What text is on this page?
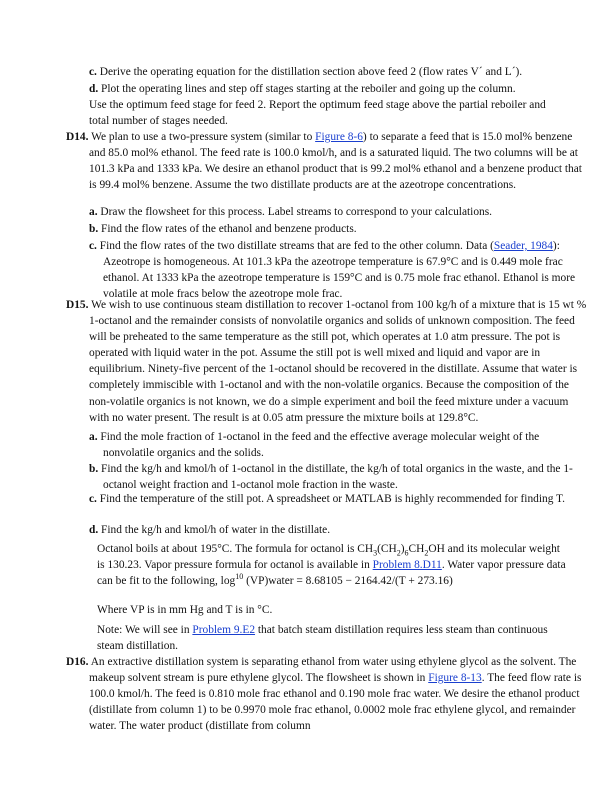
c. Derive the operating equation for the distillation section above feed 2 (flow rates V´ and L´).
d. Plot the operating lines and step off stages starting at the reboiler and going up the column.
Use the optimum feed stage for feed 2. Report the optimum feed stage above the partial reboiler and total number of stages needed.
D14. We plan to use a two-pressure system (similar to Figure 8-6) to separate a feed that is 15.0 mol% benzene and 85.0 mol% ethanol. The feed rate is 100.0 kmol/h, and is a saturated liquid. The two columns will be at 101.3 kPa and 1333 kPa. We desire an ethanol product that is 99.2 mol% ethanol and a benzene product that is 99.4 mol% benzene. Assume the two distillate products are at the azeotrope concentrations.
a. Draw the flowsheet for this process. Label streams to correspond to your calculations.
b. Find the flow rates of the ethanol and benzene products.
c. Find the flow rates of the two distillate streams that are fed to the other column. Data (Seader, 1984): Azeotrope is homogeneous. At 101.3 kPa the azeotrope temperature is 67.9°C and is 0.449 mole frac ethanol. At 1333 kPa the azeotrope temperature is 159°C and is 0.75 mole frac ethanol. Ethanol is more volatile at mole fracs below the azeotrope mole frac.
D15. We wish to use continuous steam distillation to recover 1-octanol from 100 kg/h of a mixture that is 15 wt % 1-octanol and the remainder consists of nonvolatile organics and solids of unknown composition. The feed will be preheated to the same temperature as the still pot, which operates at 1.0 atm pressure. The pot is operated with liquid water in the pot. Assume the still pot is well mixed and liquid and vapor are in equilibrium. Ninety-five percent of the 1-octanol should be recovered in the distillate. Assume that water is completely immiscible with 1-octanol and with the non-volatile organics. Because the composition of the non-volatile organics is not known, we do a simple experiment and boil the feed mixture under a vacuum with no water present. The result is at 0.05 atm pressure the mixture boils at 129.8°C.
a. Find the mole fraction of 1-octanol in the feed and the effective average molecular weight of the nonvolatile organics and the solids.
b. Find the kg/h and kmol/h of 1-octanol in the distillate, the kg/h of total organics in the waste, and the 1-octanol weight fraction and 1-octanol mole fraction in the waste.
c. Find the temperature of the still pot. A spreadsheet or MATLAB is highly recommended for finding T.
d. Find the kg/h and kmol/h of water in the distillate.
Octanol boils at about 195°C. The formula for octanol is $CH_3(CH_2)_6CH_2OH$ and its molecular weight is 130.23. Vapor pressure formula for octanol is available in Problem 8.D11. Water vapor pressure data can be fit to the following, $\log^{10}$ (VP)water = 8.68105 − 2164.42/(T + 273.16)
Where VP is in mm Hg and T is in °C.
Note: We will see in Problem 9.E2 that batch steam distillation requires less steam than continuous steam distillation.
D16. An extractive distillation system is separating ethanol from water using ethylene glycol as the solvent. The makeup solvent stream is pure ethylene glycol. The flowsheet is shown in Figure 8-13. The feed flow rate is 100.0 kmol/h. The feed is 0.810 mole frac ethanol and 0.190 mole frac water. We desire the ethanol product (distillate from column 1) to be 0.9970 mole frac ethanol, 0.0002 mole frac ethylene glycol, and remainder water. The water product (distillate from column
